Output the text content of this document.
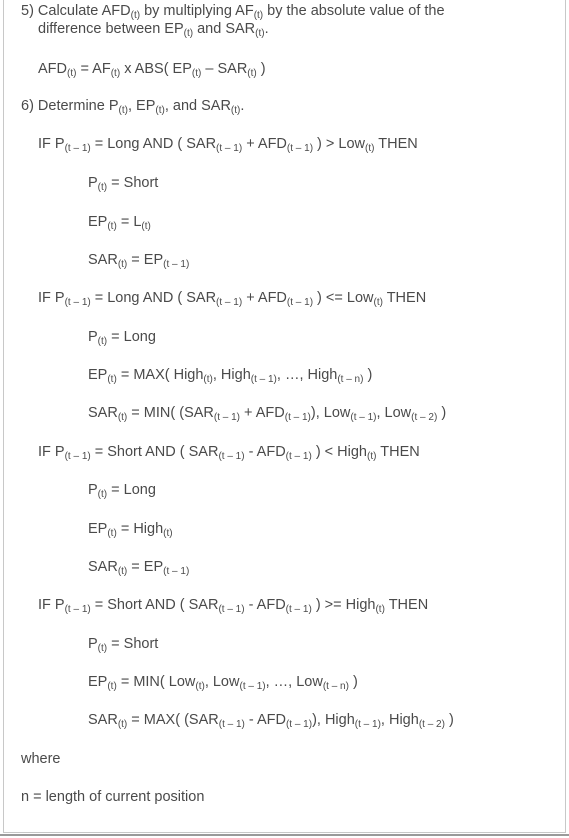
5) Calculate $AFD_{(t)}$ by multiplying $AF_{(t)}$ by the absolute value of the
difference between $EP_{(t)}$ and $SAR_{(t)}$.
$AFD_{(t)} = AF_{(t)}$ x ABS( $EP_{(t)} - SAR_{(t)}$ )
6) Determine $P_{(t)}$, $EP_{(t)}$, and $SAR_{(t)}$.
IF $P_{(t - 1)}$ = Long AND ( $SAR_{(t - 1)} + AFD_{(t - 1)}$ ) > Low$_{(t)}$ THEN
$P_{(t)}$ = Short
$EP_{(t)} = L_{(t)}$
$SAR_{(t)} = EP_{(t - 1)}$
IF $P_{(t - 1)}$ = Long AND ( $SAR_{(t - 1)} + AFD_{(t - 1)}$ ) <= Low$_{(t)}$ THEN
$P_{(t)}$ = Long
$EP_{(t)} = MAX$( High$_{(t)}$, High$_{(t - 1)}$, …, High$_{(t - n)}$ )
$SAR_{(t)} = MIN$( $(SAR_{(t - 1)} + AFD_{(t - 1)})$, Low$_{(t - 1)}$, Low$_{(t - 2)}$ )
IF $P_{(t - 1)}$ = Short AND ( $SAR_{(t - 1)} - AFD_{(t - 1)}$ ) < High$_{(t)}$ THEN
$P_{(t)}$ = Long
$EP_{(t)}$ = High$_{(t)}$
$SAR_{(t)} = EP_{(t - 1)}$
IF $P_{(t - 1)}$ = Short AND ( $SAR_{(t - 1)} - AFD_{(t - 1)}$ ) >= High$_{(t)}$ THEN
$P_{(t)}$ = Short
$EP_{(t)} = MIN$( Low$_{(t)}$, Low$_{(t - 1)}$, …, Low$_{(t - n)}$ )
$SAR_{(t)} = MAX$( $(SAR_{(t - 1)} - AFD_{(t - 1)})$, High$_{(t - 1)}$, High$_{(t - 2)}$ )
where
n = length of current position
